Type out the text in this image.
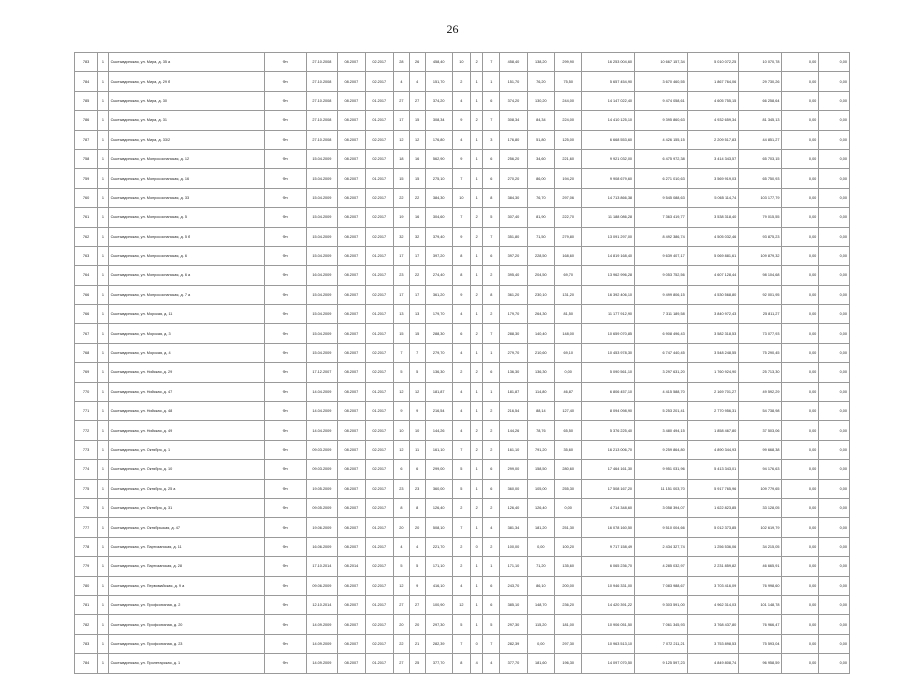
26
783	1	Сыктывдинская, ул. Мира, д. 35 а	Фн	27.10.2008	08.2007	02.2017	28	26	458,40	10	2	7	458,40	138,20	299,90	16 253 004,60	10 667 157,34	5 010 072,25	10 070,78	0,00	0,00
784	1	Сыктывдинская, ул. Мира, д. 29 б	Фн	27.10.2008	08.2007	02.2017	4	4	151,70	2	1	1	151,70	76,20	75,50	5 657 454,90	3 670 460,55	1 867 764,06	29 730,26	0,00	0,00
785	1	Сыктывдинская, ул. Мира, д. 30	Фн	27.10.2008	08.2007	01.2017	27	27	374,20	4	1	6	374,20	130,20	244,00	14 147 022,40	9 474 058,61	4 605 755,15	66 258,64	0,00	0,00
786	1	Сыктывдинская, ул. Мира, д. 31	Фн	27.10.2008	08.2007	01.2017	17	15	308,34	9	2	7	308,34	84,34	224,00	14 410 125,10	9 395 860,63	4 932 659,34	81 345,13	0,00	0,00
787	1	Сыктывдинская, ул. Мира, д. 33/2	Фн	27.10.2008	08.2007	02.2017	12	12	176,80	4	1	3	176,80	51,80	125,00	6 668 553,60	4 426 155,15	2 209 517,83	44 851,27	0,00	0,00
758	1	Сыктывдинская, ул. Мопрососпанская, д. 12	Фн	15.04.2009	08.2007	02.2017	18	16	562,90	9	1	6	256,20	34,60	221,60	9 921 032,00	6 475 972,38	3 414 343,57	65 703,15	0,00	0,00
759	1	Сыктывдинская, ул. Мопрососпанская, д. 16	Фн	15.04.2009	08.2007	01.2017	15	15	275,10	7	1	6	270,20	86,00	194,20	9 908 679,60	6 271 010,63	3 569 919,03	65 750,93	0,00	0,00
760	1	Сыктывдинская, ул. Мопрососпанская, д. 33	Фн	15.04.2009	08.2007	02.2017	22	22	384,30	10	1	8	384,30	76,70	297,06	14 713 866,38	9 545 088,63	5 065 114,74	103 177,79	0,00	0,00
761	1	Сыктывдинская, ул. Мопрососпанская, д. 5	Фн	15.04.2009	08.2007	02.2017	19	16	304,60	7	2	5	307,40	81,90	222,70	11 188 086,28	7 363 419,77	3 538 318,40	79 015,55	0,00	0,00
762	1	Сыктывдинская, ул. Мопрососпанская, д. 5 б	Фн	15.04.2009	08.2007	02.2017	32	32	379,40	9	2	7	351,80	71,50	279,80	13 091 297,00	8 492 386,74	4 505 032,46	93 875,23	0,00	0,00
763	1	Сыктывдинская, ул. Мопрососпанская, д. 6	Фн	15.04.2009	08.2007	01.2017	17	17	397,20	8	1	6	397,20	228,50	168,60	14 819 168,40	9 639 407,17	5 069 881,61	109 879,32	0,00	0,00
764	1	Сыктывдинская, ул. Мопрососпанская, д. 6 а	Фн	16.04.2009	08.2007	01.2017	23	22	274,40	8	1	2	395,40	204,50	69,70	13 962 996,28	9 053 752,56	4 607 128,44	98 104,68	0,00	0,00
766	1	Сыктывдинская, ул. Мопрососпанская, д. 7 а	Фн	15.04.2009	08.2007	02.2017	17	17	361,20	9	2	8	361,20	230,10	131,20	16 392 406,10	9 499 806,15	4 530 568,80	92 001,95	0,00	0,00
766	1	Сыктывдинская, ул. Морская, д. 11	Фн	15.04.2009	08.2007	01.2017	13	13	179,70	4	1	2	179,70	264,30	81,50	11 177 912,90	7 311 189,58	3 840 972,43	25 811,27	0,00	0,00
767	1	Сыктывдинская, ул. Морская, д. 3	Фн	15.04.2009	08.2007	01.2017	15	15	288,30	6	2	7	288,30	140,40	148,00	10 659 070,85	6 908 496,43	3 582 318,53	73 077,93	0,00	0,00
768	1	Сыктывдинская, ул. Морская, д. 4	Фн	15.04.2009	08.2007	02.2017	7	7	279,70	4	1	1	279,70	210,60	69,10	10 453 978,30	6 747 440,45	3 548 248,55	75 290,45	0,00	0,00
769	1	Сыктывдинская, ул. Нийская, д. 29	Фн	17.12.2007	08.2007	02.2017	5	5	136,30	2	2	6	136,30	136,30	0,00	5 090 561,10	3 297 631,20	1 760 924,90	25 713,30	0,00	0,00
770	1	Сыктывдинская, ул. Нийская, д. 47	Фн	14.04.2009	08.2007	01.2017	12	12	181,87	4	1	1	181,87	114,80	46,87	6 806 457,10	4 415 588,70	2 169 701,27	49 592,29	0,00	0,00
771	1	Сыктывдинская, ул. Нийская, д. 48	Фн	14.04.2009	08.2007	01.2017	9	9	216,54	4	1	2	216,54	88,14	127,40	8 094 098,90	5 253 201,41	2 770 956,31	54 738,98	0,00	0,00
772	1	Сыктывдинская, ул. Нийская, д. 49	Фн	14.04.2009	08.2007	02.2017	10	10	144,26	4	2	2	144,26	78,76	65,50	5 376 225,40	3 480 494,15	1 858 467,80	37 503,06	0,00	0,00
773	1	Сыктывдинская, ул. Октября, д. 1	Фн	09.03.2009	08.2007	02.2017	12	11	161,10	7	2	2	161,10	791,20	35,60	16 213 006,70	9 259 864,80	4 890 344,93	99 668,38	0,00	0,00
774	1	Сыктывдинская, ул. Октября, д. 10	Фн	09.03.2009	08.2007	02.2017	6	6	299,00	5	1	6	299,00	158,50	280,60	17 464 161,30	9 951 031,96	5 413 343,01	94 176,63	0,00	0,00
775	1	Сыктывдинская, ул. Октября, д. 25 а	Фн	19.05.2009	08.2007	02.2017	23	23	360,00	5	1	6	360,00	105,00	255,30	17 508 167,20	11 151 003,70	5 917 765,96	109 779,65	0,00	0,00
776	1	Сыктывдинская, ул. Октября, д. 31	Фн	09.05.2009	08.2007	02.2017	8	8	126,40	2	2	2	126,40	126,40	0,00	4 714 348,60	3 058 394,07	1 622 823,85	33 128,05	0,00	0,00
777	1	Сыктывдинская, ул. Октябрьская, д. 47	Фн	19.06.2009	08.2007	01.2017	20	20	508,10	7	1	4	381,34	181,20	251,30	16 078 160,50	9 510 004,66	5 012 373,85	102 619,79	0,00	0,00
778	1	Сыктывдинская, ул. Партизанская, д. 11	Фн	16.06.2009	08.2007	01.2017	4	4	221,70	2	0	2	100,00	0,00	100,20	9 717 158,49	2 434 327,74	1 256 536,06	34 215,05	0,00	0,00
779	1	Сыктывдинская, ул. Партизанская, д. 28	Фн	17.10.2014	08.2014	02.2017	5	5	171,10	2	1	1	171,10	71,20	135,60	6 065 236,70	4 285 032,97	2 231 859,82	46 665,91	0,00	0,00
780	1	Сыктывдинская, ул. Первомайская, д. 9 а	Фн	09.06.2009	08.2007	02.2017	12	9	416,10	4	1	6	243,70	86,10	200,00	10 946 331,00	7 083 988,67	3 703 416,09	76 998,60	0,00	0,00
781	1	Сыктывдинская, ул. Профсоюзная, д. 2	Фн	12.10.2014	08.2007	01.2017	27	27	100,90	12	1	6	385,10	148,70	236,20	14 420 391,22	9 303 591,00	4 962 314,03	101 148,78	0,00	0,00
782	1	Сыктывдинская, ул. Профсоюзная, д. 20	Фн	14.09.2009	08.2007	02.2017	20	20	297,30	5	1	5	297,30	115,20	181,00	10 906 051,50	7 061 345,93	3 768 437,80	76 966,47	0,00	0,00
783	1	Сыктывдинская, ул. Профсоюзная, д. 23	Фн	14.09.2009	08.2007	02.2017	22	21	282,39	7	0	7	282,39	0,00	297,30	10 963 513,10	7 072 211,21	3 753 898,53	75 593,04	0,00	0,00
784	1	Сыктывдинская, ул. Пролетарская, д. 1	Фн	14.09.2009	08.2007	01.2017	27	25	377,70	8	4	4	377,70	181,60	196,30	14 097 070,50	9 125 597,23	4 849 808,74	96 958,59	0,00	0,00
